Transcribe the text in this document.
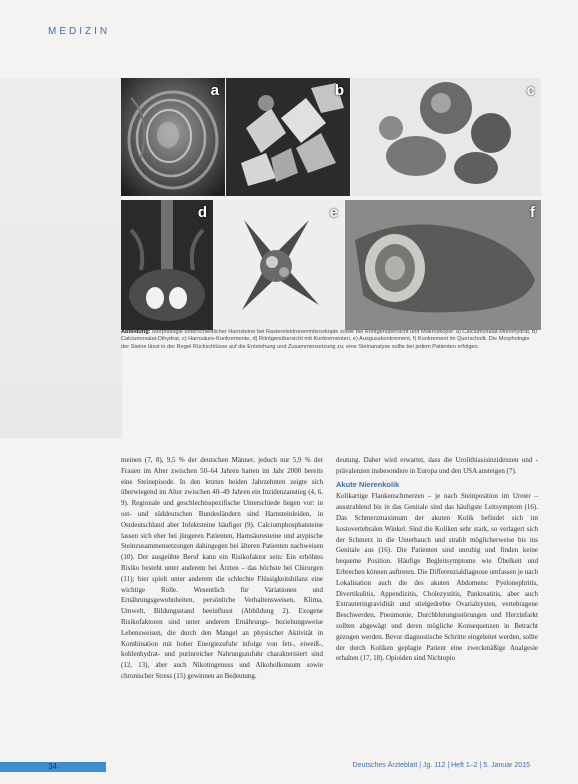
MEDIZIN
a	b	c
d	e	f
Abbildung: Morphologie unterschiedlicher Harnsteine bei Rasterelektronenmikroskopie sowie bei Röntgenübersicht und Makroskopie: a) Calciumoxalat-Monohydrat, b) Calciumoxalat-Dihydrat, c) Harnsäure-Konkremente, d) Röntgenübersicht mit Konkrementen, e) Ausgusskonkrement, f) Konkrement im Querschnitt. Die Morphologie der Steine lässt in der Regel Rückschlüsse auf die Entstehung und Zusammensetzung zu; eine Steinanalyse sollte bei jedem Patienten erfolgen.

meinen (7, 8), 9,5 % der deutschen Männer, jedoch nur 5,9 % der Frauen im Alter zwischen 50–64 Jahren hatten im Jahr 2000 bereits eine Steinepisode. In den letzten beiden Jahrzehnten zeigte sich überwiegend im Alter zwischen 40–49 Jahren ein Inzidenzanstieg (4, 6, 9). Regionale und geschlechtsspezifische Unterschiede liegen vor: in ost- und süddeutschen Bundesländern sind Harnsteinleiden, in Ostdeutschland aber Infektsteine häufiger (9). Calciumphosphatsteine lassen sich eher bei jüngeren Patienten, Harnsäuresteine und atypische Steinzusammensetzungen dahingegen bei älteren Patienten nachweisen (10). Der ausgeübte Beruf kann ein Risikofaktor sein: Ein erhöhtes Risiko besteht unter anderem bei Ärzten – das höchste bei Chirurgen (11); hier spielt unter anderem die schlechte Flüssigkeitsbilanz eine wichtige Rolle. Wesentlich für Variationen und Ernährungsgewohnheiten, persönliche Verhaltensweisen, Klima, Umwelt, Bildungsstand beeinflusst (Abbildung 2). Exogene Risikofaktoren sind unter anderem Ernährungs- beziehungsweise Lebensweisen, die durch den Mangel an physischer Aktivität in Kombination mit hoher Energiezufuhr infolge von fett-, eiweiß-, kohlenhydrat- und purinreicher Nahrungszufuhr charakterisiert sind (12, 13), aber auch Nikotingenuss und Alkoholkonsum sowie chronischer Stress (15) gewinnen an Bedeutung.

deutung. Daher wird erwartet, dass die Urolithiasisinzidenzen und -prävalenzen insbesondere in Europa und den USA ansteigen (7).

Akute Nierenkolik

Kolikartige Flankenschmerzen – je nach Steinposition im Ureter – ausstrahlend bis in das Genitale sind das häufigste Leitsymptom (16). Das Schmerzmaximum der akuten Kolik befindet sich im kostovertebralen Winkel. Sind die Koliken sehr stark, so verlagert sich der Schmerz in die Unterbauch und strahlt möglicherweise bis ins Genitale aus (16). Die Patienten sind unruhig und finden keine bequeme Position. Häufige Begleitsymptome wie Übelkeit und Erbrechen können auftreten. Die Differenzialdiagnose umfassen je nach Lokalisation auch die des akuten Abdomens: Pyelonephritis, Divertikulitis, Appendizitis, Cholezystitis, Pankreatitis, aber auch Extrauteringravidität und stielgedrehte Ovarialzysten, vertebragene Beschwerden, Pneumonie, Durchblutungsstörungen und Herzinfarkt sollten abgewägt und deren mögliche Konsequenzen in Betracht gezogen werden. Bevor diagnostische Schritte eingeleitet werden, sollte der durch Koliken geplagte Patient eine zweckmäßige Analgesie erhalten (17, 18). Opioiden sind Nichtopio

34	Deutsches Ärzteblatt | Jg. 112 | Heft 1–2 | 5. Januar 2015
